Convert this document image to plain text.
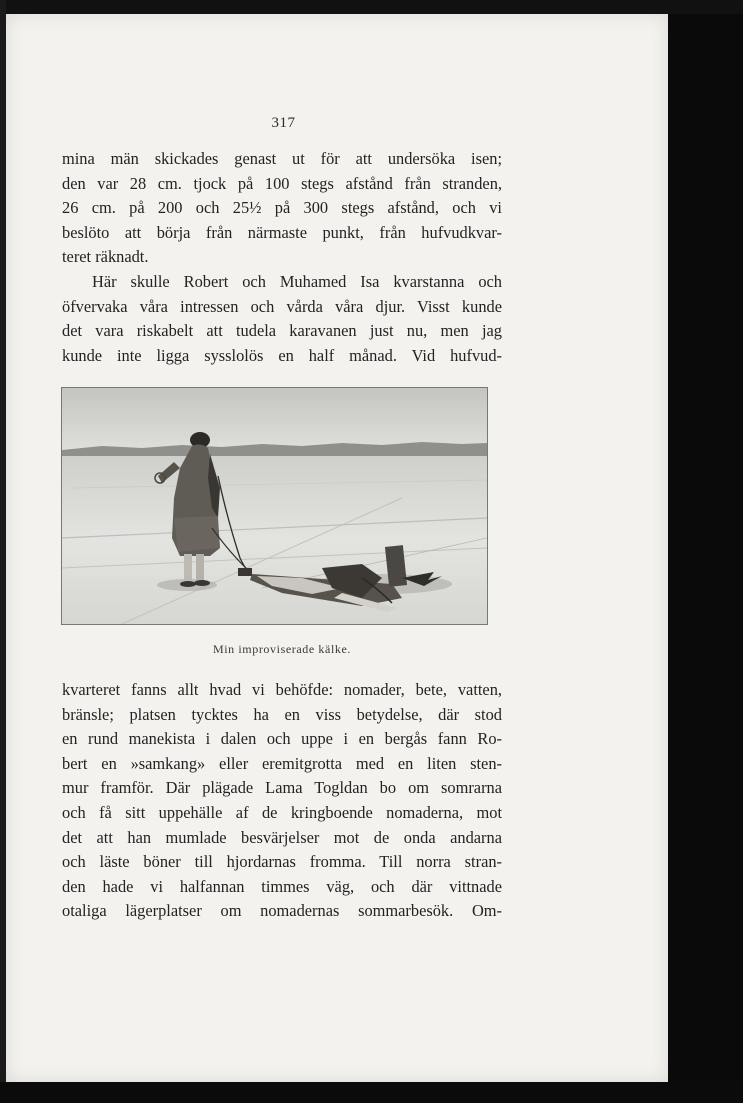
317
mina män skickades genast ut för att undersöka isen;
den var 28 cm. tjock på 100 stegs afstånd från stranden,
26 cm. på 200 och 25½ på 300 stegs afstånd, och vi
beslöto att börja från närmaste punkt, från hufvudkvar-
teret räknadt.
Här skulle Robert och Muhamed Isa kvarstanna och
öfvervaka våra intressen och vårda våra djur. Visst kunde
det vara riskabelt att tudela karavanen just nu, men jag
kunde inte ligga sysslolös en half månad. Vid hufvud-
Min improviserade kälke.
kvarteret fanns allt hvad vi behöfde: nomader, bete, vatten,
bränsle; platsen tycktes ha en viss betydelse, där stod
en rund manekista i dalen och uppe i en bergås fann Ro-
bert en »samkang» eller eremitgrotta med en liten sten-
mur framför. Där plägade Lama Togldan bo om somrarna
och få sitt uppehälle af de kringboende nomaderna, mot
det att han mumlade besvärjelser mot de onda andarna
och läste böner till hjordarnas fromma. Till norra stran-
den hade vi halfannan timmes väg, och där vittnade
otaliga lägerplatser om nomadernas sommarbesök. Om-
